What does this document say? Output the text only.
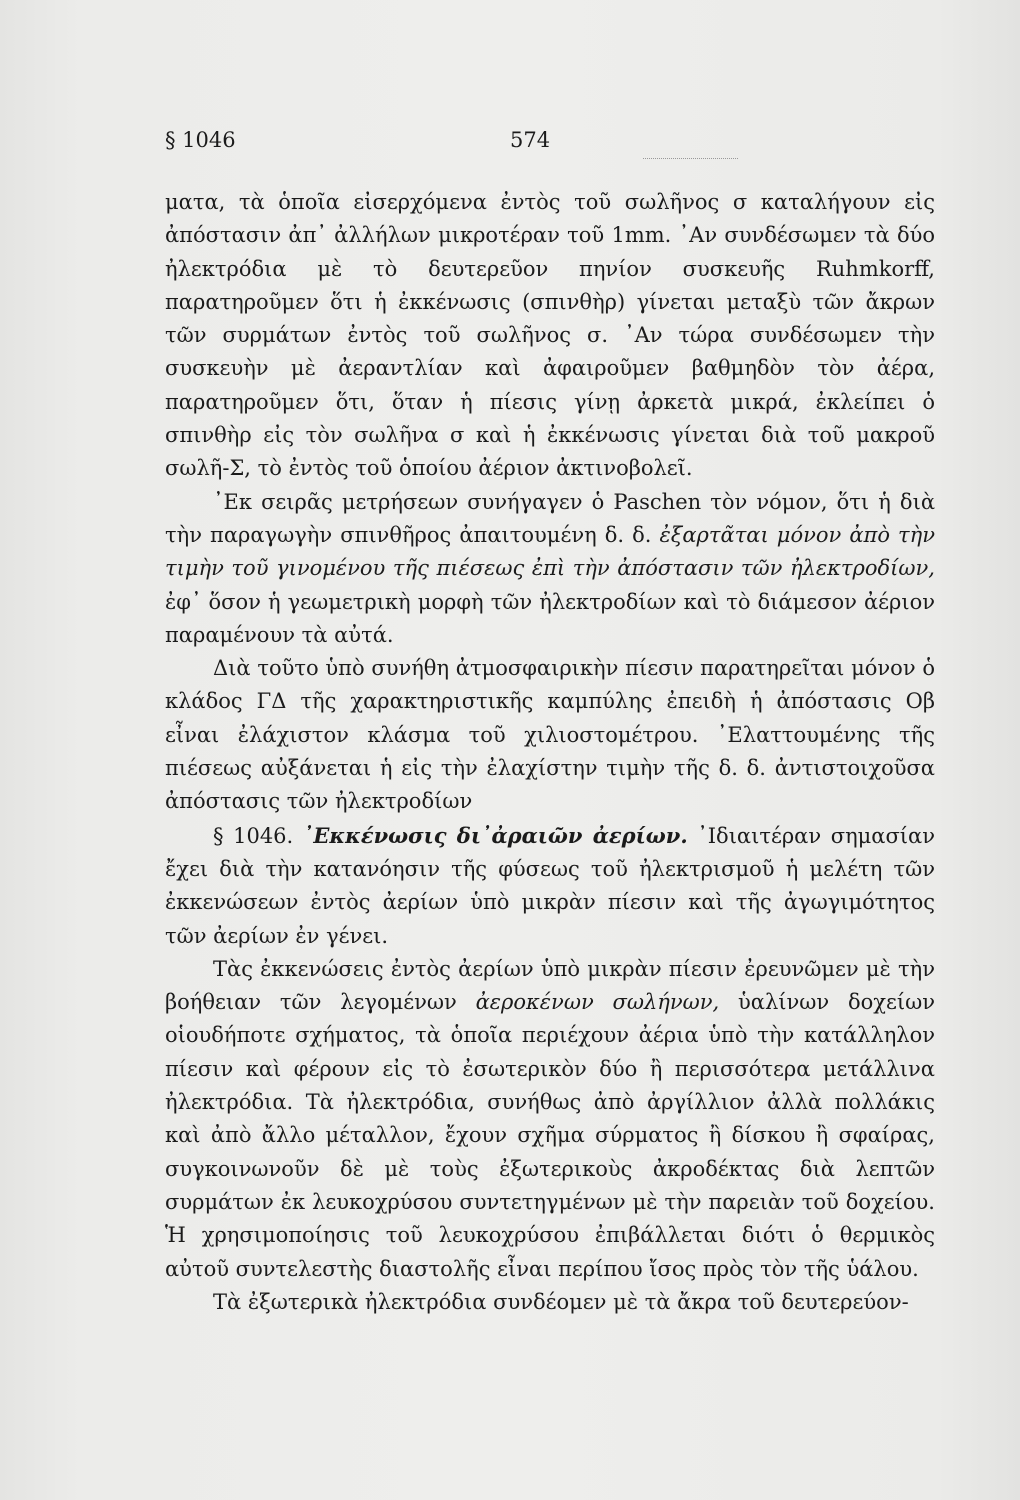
§ 1046	574

ματα, τὰ ὁποῖα εἰσερχόμενα ἐντὸς τοῦ σωλῆνος σ καταλήγουν εἰς ἀπόστασιν ἀπ᾽ ἀλλήλων μικροτέραν τοῦ 1mm. ᾽Αν συνδέσωμεν τὰ δύο ἠλεκτρόδια μὲ τὸ δευτερεῦον πηνίον συσκευῆς Ruhmkorff, παρατηροῦμεν ὅτι ἡ ἐκκένωσις (σπινθὴρ) γίνεται μεταξὺ τῶν ἄκρων τῶν συρμάτων ἐντὸς τοῦ σωλῆνος σ. ᾽Αν τώρα συνδέσωμεν τὴν συσκευὴν μὲ ἀεραντλίαν καὶ ἀφαιροῦμεν βαθμηδὸν τὸν ἀέρα, παρατηροῦμεν ὅτι, ὅταν ἡ πίεσις γίνῃ ἀρκετὰ μικρά, ἐκλείπει ὁ σπινθὴρ εἰς τὸν σωλῆνα σ καὶ ἡ ἐκκένωσις γίνεται διὰ τοῦ μακροῦ σωλῆ-Σ, τὸ ἐντὸς τοῦ ὁποίου ἀέριον ἀκτινοβολεῖ.

᾽Εκ σειρᾶς μετρήσεων συνήγαγεν ὁ Paschen τὸν νόμον, ὅτι ἡ διὰ τὴν παραγωγὴν σπινθῆρος ἀπαιτουμένη δ. δ. ἐξαρτᾶται μόνον ἀπὸ τὴν τιμὴν τοῦ γινομένου τῆς πιέσεως ἐπὶ τὴν ἀπόστασιν τῶν ἠλεκτροδίων, ἐφ᾽ ὅσον ἡ γεωμετρικὴ μορφὴ τῶν ἠλεκτροδίων καὶ τὸ διάμεσον ἀέριον παραμένουν τὰ αὐτά.

Διὰ τοῦτο ὑπὸ συνήθη ἀτμοσφαιρικὴν πίεσιν παρατηρεῖται μόνον ὁ κλάδος ΓΔ τῆς χαρακτηριστικῆς καμπύλης ἐπειδὴ ἡ ἀπόστασις Οβ εἶναι ἐλάχιστον κλάσμα τοῦ χιλιοστομέτρου. ᾽Ελαττουμένης τῆς πιέσεως αὐξάνεται ἡ εἰς τὴν ἐλαχίστην τιμὴν τῆς δ. δ. ἀντιστοιχοῦσα ἀπόστασις τῶν ἠλεκτροδίων

§ 1046. ᾽Εκκένωσις δι᾽ἀραιῶν ἀερίων. ᾽Ιδιαιτέραν σημασίαν ἔχει διὰ τὴν κατανόησιν τῆς φύσεως τοῦ ἠλεκτρισμοῦ ἡ μελέτη τῶν ἐκκενώσεων ἐντὸς ἀερίων ὑπὸ μικρὰν πίεσιν καὶ τῆς ἀγωγιμότητος τῶν ἀερίων ἐν γένει.

Τὰς ἐκκενώσεις ἐντὸς ἀερίων ὑπὸ μικρὰν πίεσιν ἐρευνῶμεν μὲ τὴν βοήθειαν τῶν λεγομένων ἀεροκένων σωλήνων, ὑαλίνων δοχείων οἱουδήποτε σχήματος, τὰ ὁποῖα περιέχουν ἀέρια ὑπὸ τὴν κατάλληλον πίεσιν καὶ φέρουν εἰς τὸ ἐσωτερικὸν δύο ἢ περισσότερα μετάλλινα ἠλεκτρόδια. Τὰ ἠλεκτρόδια, συνήθως ἀπὸ ἀργίλλιον ἀλλὰ πολλάκις καὶ ἀπὸ ἄλλο μέταλλον, ἔχουν σχῆμα σύρματος ἢ δίσκου ἢ σφαίρας, συγκοινωνοῦν δὲ μὲ τοὺς ἐξωτερικοὺς ἀκροδέκτας διὰ λεπτῶν συρμάτων ἐκ λευκοχρύσου συντετηγμένων μὲ τὴν παρειὰν τοῦ δοχείου. Ἡ χρησιμοποίησις τοῦ λευκοχρύσου ἐπιβάλλεται διότι ὁ θερμικὸς αὐτοῦ συντελεστὴς διαστολῆς εἶναι περίπου ἴσος πρὸς τὸν τῆς ὑάλου.

Τὰ ἐξωτερικὰ ἠλεκτρόδια συνδέομεν μὲ τὰ ἄκρα τοῦ δευτερεύον-
